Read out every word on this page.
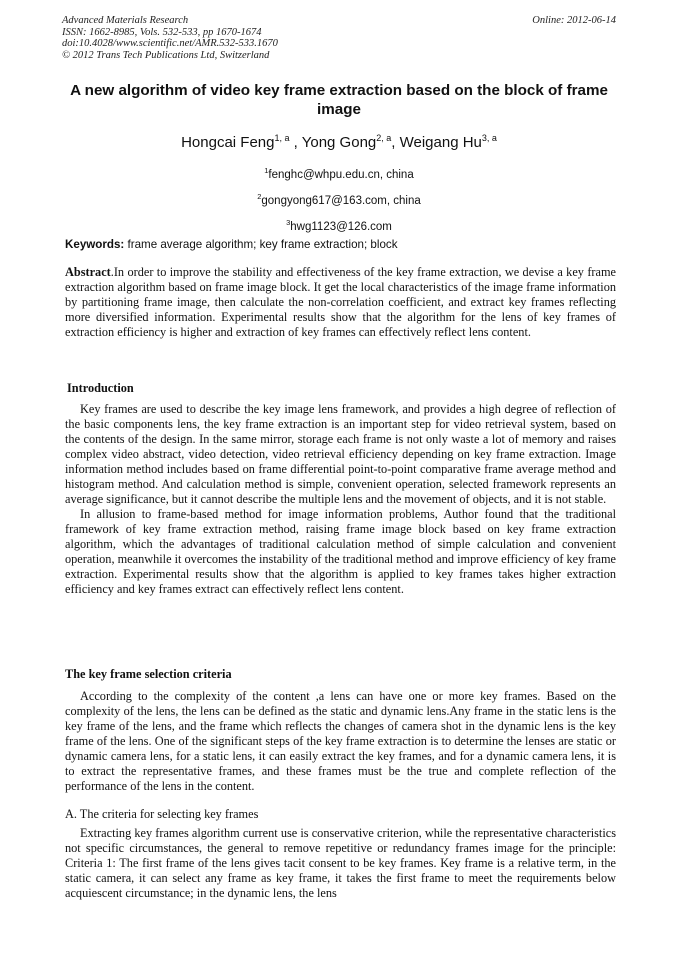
Advanced Materials Research
ISSN: 1662-8985, Vols. 532-533, pp 1670-1674
doi:10.4028/www.scientific.net/AMR.532-533.1670
© 2012 Trans Tech Publications Ltd, Switzerland
Online: 2012-06-14
A new algorithm of video key frame extraction based on the block of frame image
Hongcai Feng$^{1, a}$ , Yong Gong$^{2, a}$, Weigang Hu$^{3, a}$
$^1$fenghc@whpu.edu.cn, china
$^2$gongyong617@163.com, china
$^3$hwg1123@126.com
Keywords: frame average algorithm; key frame extraction; block
Abstract.In order to improve the stability and effectiveness of the key frame extraction, we devise a key frame extraction algorithm based on frame image block. It get the local characteristics of the image frame information by partitioning frame image, then calculate the non-correlation coefficient, and extract key frames reflecting more diversified information. Experimental results show that the algorithm for the lens of key frames of extraction efficiency is higher and extraction of key frames can effectively reflect lens content.
Introduction

Key frames are used to describe the key image lens framework, and provides a high degree of reflection of the basic components lens, the key frame extraction is an important step for video retrieval system, based on the contents of the design. In the same mirror, storage each frame is not only waste a lot of memory and raises complex video abstract, video detection, video retrieval efficiency depending on key frame extraction. Image information method includes based on frame differential point-to-point comparative frame average method and histogram method. And calculation method is simple, convenient operation, selected framework represents an average significance, but it cannot describe the multiple lens and the movement of objects, and it is not stable.

In allusion to frame-based method for image information problems, Author found that the traditional framework of key frame extraction method, raising frame image block based on key frame extraction algorithm, which the advantages of traditional calculation method of simple calculation and convenient operation, meanwhile it overcomes the instability of the traditional method and improve efficiency of key frame extraction. Experimental results show that the algorithm is applied to key frames takes higher extraction efficiency and key frames extract can effectively reflect lens content.

The key frame selection criteria

According to the complexity of the content ,a lens can have one or more key frames. Based on the complexity of the lens, the lens can be defined as the static and dynamic lens.Any frame in the static lens is the key frame of the lens, and the frame which reflects the changes of camera shot in the dynamic lens is the key frame of the lens. One of the significant steps of the key frame extraction is to determine the lenses are static or dynamic camera lens, for a static lens, it can easily extract the key frames, and for a dynamic camera lens, it is to extract the representative frames, and these frames must be the true and complete reflection of the performance of the lens in the content.

A. The criteria for selecting key frames

Extracting key frames algorithm current use is conservative criterion, while the representative characteristics not specific circumstances, the general to remove repetitive or redundancy frames image for the principle: Criteria 1: The first frame of the lens gives tacit consent to be key frames. Key frame is a relative term, in the static camera, it can select any frame as key frame, it takes the first frame to meet the requirements below acquiescent circumstance; in the dynamic lens, the lens
